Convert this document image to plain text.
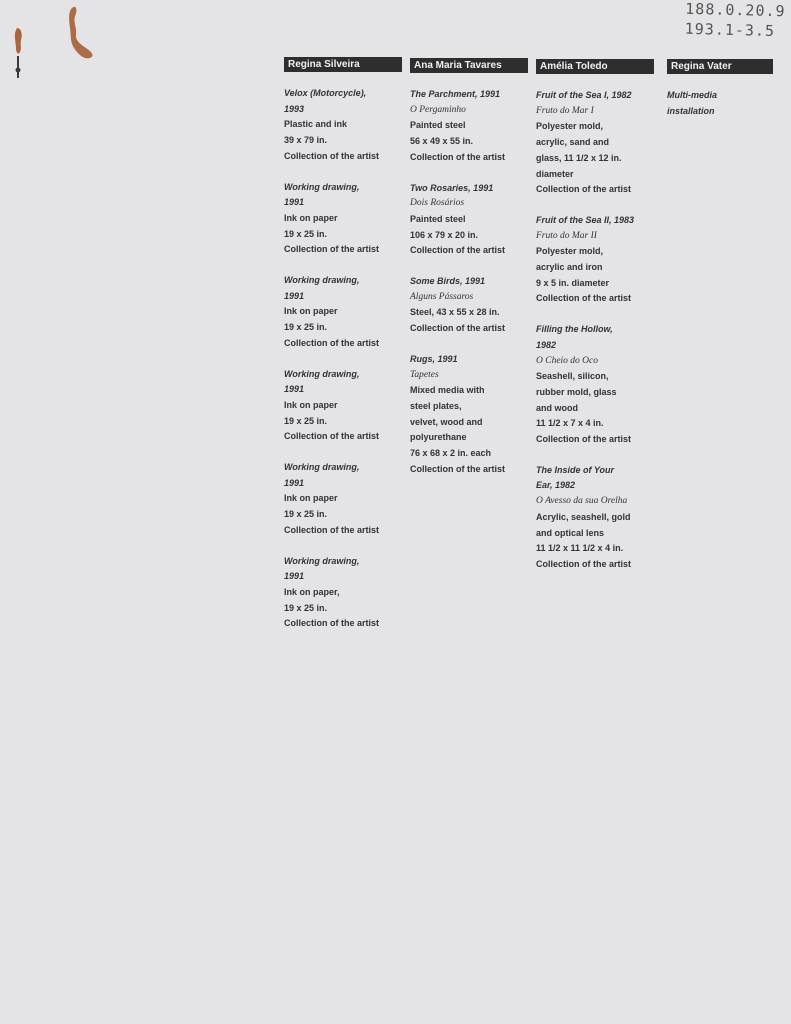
188.0.20.9
193.1-3.5
Regina Silveira
Velox (Motorcycle),
1993
Plastic and ink
39 x 79 in.
Collection of the artist
Working drawing,
1991
Ink on paper
19 x 25 in.
Collection of the artist
Working drawing,
1991
Ink on paper
19 x 25 in.
Collection of the artist
Working drawing,
1991
Ink on paper
19 x 25 in.
Collection of the artist
Working drawing,
1991
Ink on paper
19 x 25 in.
Collection of the artist
Working drawing,
1991
Ink on paper,
19 x 25 in.
Collection of the artist
Ana Maria Tavares
The Parchment, 1991
O Pergaminho
Painted steel
56 x 49 x 55 in.
Collection of the artist
Two Rosaries, 1991
Dois Rosários
Painted steel
106 x 79 x 20 in.
Collection of the artist
Some Birds, 1991
Alguns Pássaros
Steel, 43 x 55 x 28 in.
Collection of the artist
Rugs, 1991
Tapetes
Mixed media with
steel plates,
velvet, wood and
polyurethane
76 x 68 x 2 in. each
Collection of the artist
Amélia Toledo
Fruit of the Sea I, 1982
Fruto do Mar I
Polyester mold,
acrylic, sand and
glass, 11 1/2 x 12 in.
diameter
Collection of the artist
Fruit of the Sea II, 1983
Fruto do Mar II
Polyester mold,
acrylic and iron
9 x 5 in. diameter
Collection of the artist
Filling the Hollow,
1982
O Cheio do Oco
Seashell, silicon,
rubber mold, glass
and wood
11 1/2 x 7 x 4 in.
Collection of the artist
The Inside of Your
Ear, 1982
O Avesso da sua Orelha
Acrylic, seashell, gold
and optical lens
11 1/2 x 11 1/2 x 4 in.
Collection of the artist
Regina Vater
Multi-media
installation
